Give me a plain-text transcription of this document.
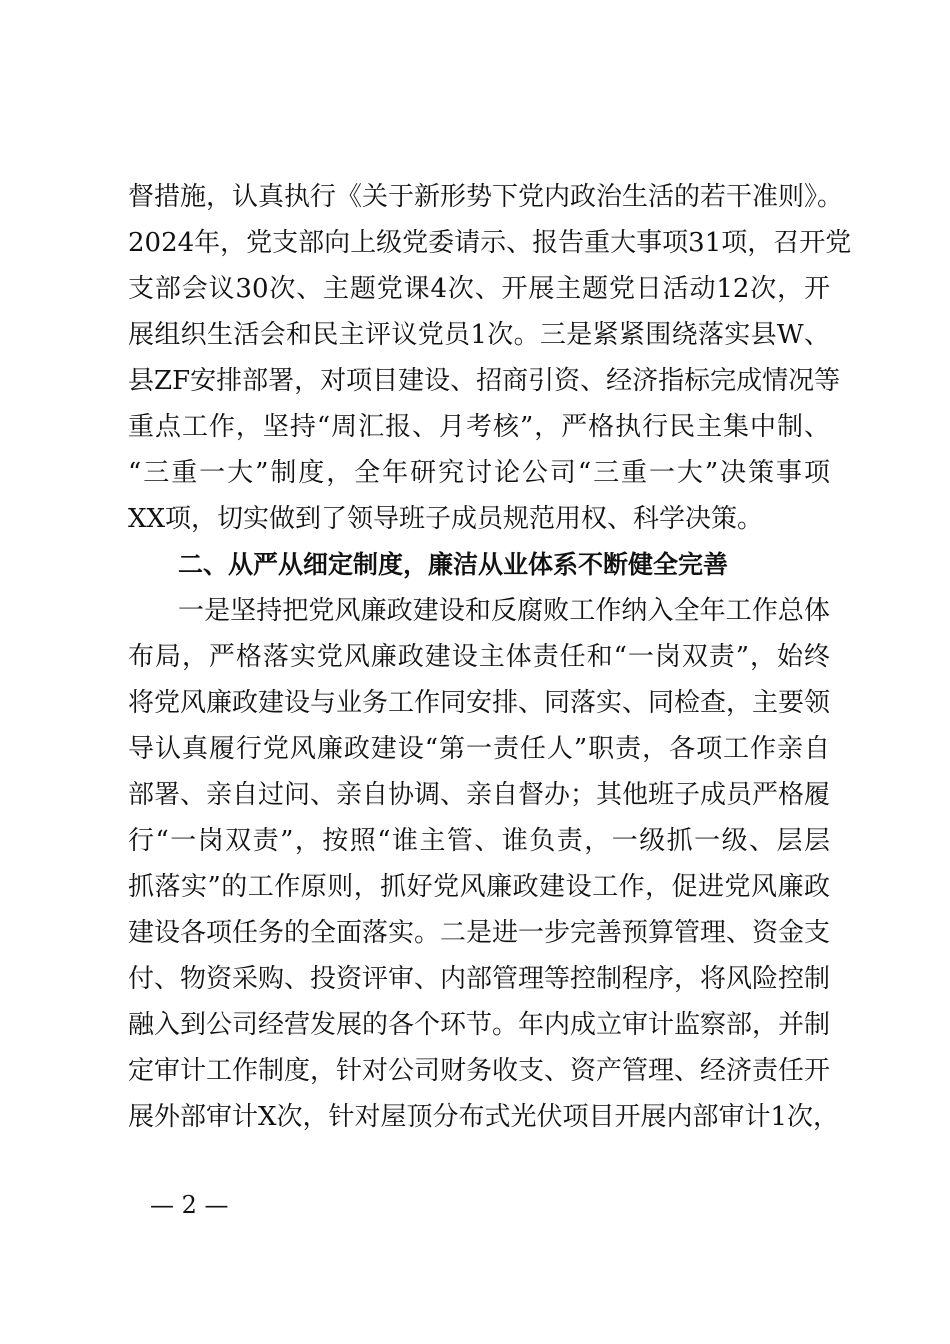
督措施，认真执行《关于新形势下党内政治生活的若干准则》。
2024年，党支部向上级党委请示、报告重大事项31项，召开党
支部会议30次、主题党课4次、开展主题党日活动12次，开
展组织生活会和民主评议党员1次。三是紧紧围绕落实县W、
县ZF安排部署，对项目建设、招商引资、经济指标完成情况等
重点工作，坚持“周汇报、月考核”，严格执行民主集中制、
“三重一大”制度，全年研究讨论公司“三重一大”决策事项
XX项，切实做到了领导班子成员规范用权、科学决策。
二、从严从细定制度，廉洁从业体系不断健全完善
一是坚持把党风廉政建设和反腐败工作纳入全年工作总体
布局，严格落实党风廉政建设主体责任和“一岗双责”，始终
将党风廉政建设与业务工作同安排、同落实、同检查，主要领
导认真履行党风廉政建设“第一责任人”职责，各项工作亲自
部署、亲自过问、亲自协调、亲自督办；其他班子成员严格履
行“一岗双责”，按照“谁主管、谁负责，一级抓一级、层层
抓落实”的工作原则，抓好党风廉政建设工作，促进党风廉政
建设各项任务的全面落实。二是进一步完善预算管理、资金支
付、物资采购、投资评审、内部管理等控制程序，将风险控制
融入到公司经营发展的各个环节。年内成立审计监察部，并制
定审计工作制度，针对公司财务收支、资产管理、经济责任开
展外部审计X次，针对屋顶分布式光伏项目开展内部审计1次，
— 2 —
